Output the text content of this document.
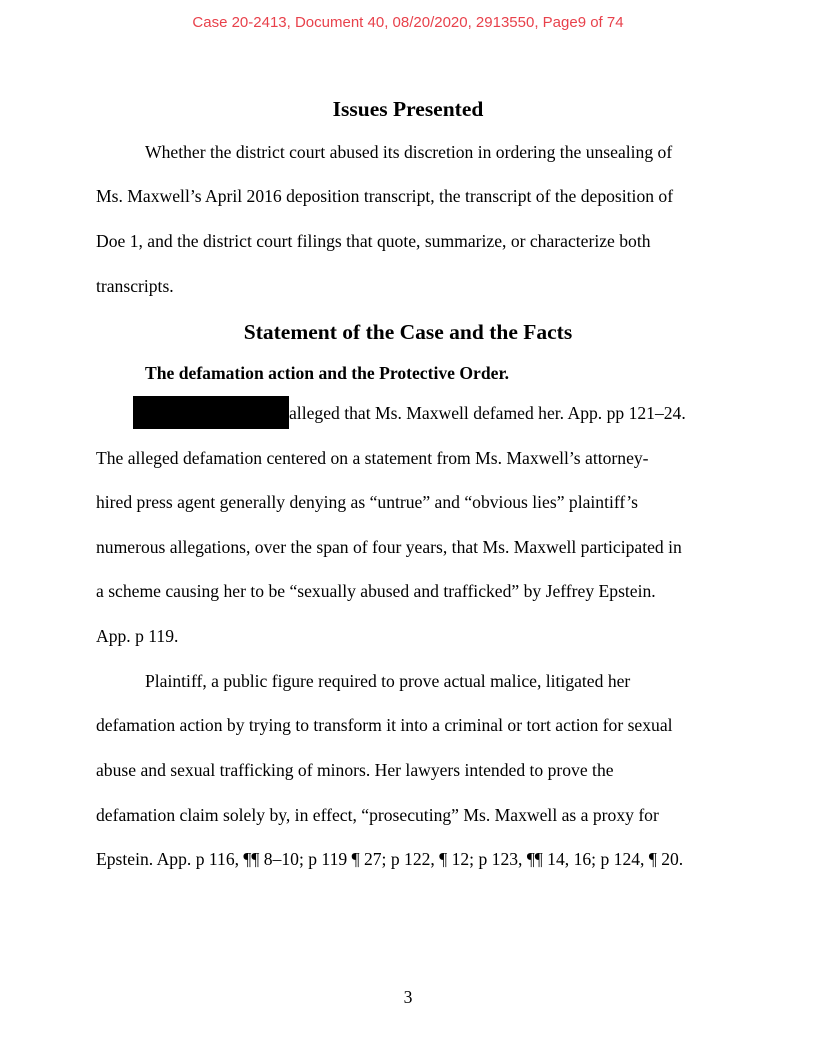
Case 20-2413, Document 40, 08/20/2020, 2913550, Page9 of 74
Issues Presented
Whether the district court abused its discretion in ordering the unsealing of
Ms. Maxwell’s April 2016 deposition transcript, the transcript of the deposition of
Doe 1, and the district court filings that quote, summarize, or characterize both
transcripts.
Statement of the Case and the Facts
The defamation action and the Protective Order.
alleged that Ms. Maxwell defamed her. App. pp 121–24.
The alleged defamation centered on a statement from Ms. Maxwell’s attorney-
hired press agent generally denying as “untrue” and “obvious lies” plaintiff’s
numerous allegations, over the span of four years, that Ms. Maxwell participated in
a scheme causing her to be “sexually abused and trafficked” by Jeffrey Epstein.
App. p 119.
Plaintiff, a public figure required to prove actual malice, litigated her
defamation action by trying to transform it into a criminal or tort action for sexual
abuse and sexual trafficking of minors. Her lawyers intended to prove the
defamation claim solely by, in effect, “prosecuting” Ms. Maxwell as a proxy for
Epstein. App. p 116, ¶¶ 8–10; p 119 ¶ 27; p 122, ¶ 12; p 123, ¶¶ 14, 16; p 124, ¶ 20.
3
